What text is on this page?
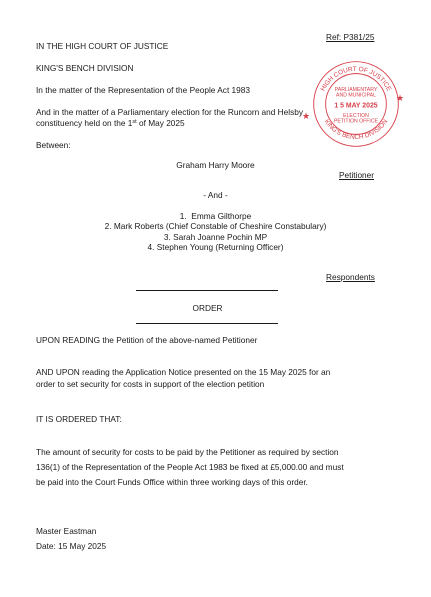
Ref: P381/25

IN THE HIGH COURT OF JUSTICE

KING'S BENCH DIVISION

In the matter of the Representation of the People Act 1983

And in the matter of a Parliamentary election for the Runcorn and Helsby

constituency held on the 1st of May 2025

HIGH COURT OF JUSTICE
KING'S BENCH DIVISION
PARLIAMENTARY
AND MUNICIPAL
1 5 MAY 2025
ELECTION
PETITION OFFICE
★
★

Between:

Graham Harry Moore

Petitioner

- And -

1. Emma Gilthorpe

2. Mark Roberts (Chief Constable of Cheshire Constabulary)

3. Sarah Joanne Pochin MP

4. Stephen Young (Returning Officer)

Respondents

ORDER

UPON READING the Petition of the above-named Petitioner

AND UPON reading the Application Notice presented on the 15 May 2025 for an

order to set security for costs in support of the election petition

IT IS ORDERED THAT:

The amount of security for costs to be paid by the Petitioner as required by section

136(1) of the Representation of the People Act 1983 be fixed at £5,000.00 and must

be paid into the Court Funds Office within three working days of this order.

Master Eastman

Date: 15 May 2025
